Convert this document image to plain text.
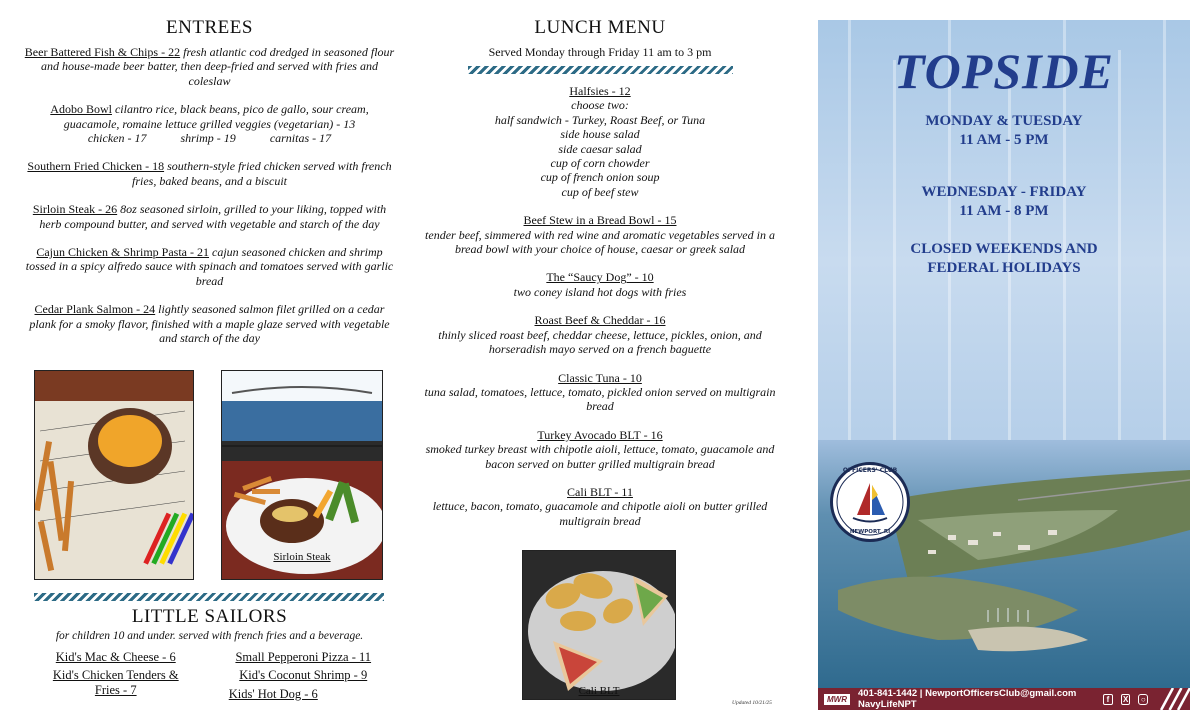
ENTREES
Beer Battered Fish & Chips - 22 fresh atlantic cod dredged in seasoned flour and house-made beer batter, then deep-fried and served with fries and coleslaw
Adobo Bowl cilantro rice, black beans, pico de gallo, sour cream, guacamole, romaine lettuce grilled veggies (vegetarian) - 13
chicken - 17	shrimp - 19	carnitas - 17
Southern Fried Chicken - 18 southern-style fried chicken served with french fries, baked beans, and a biscuit
Sirloin Steak - 26 8oz seasoned sirloin, grilled to your liking, topped with herb compound butter, and served with vegetable and starch of the day
Cajun Chicken & Shrimp Pasta - 21 cajun seasoned chicken and shrimp tossed in a spicy alfredo sauce with spinach and tomatoes served with garlic bread
Cedar Plank Salmon - 24 lightly seasoned salmon filet grilled on a cedar plank for a smoky flavor, finished with a maple glaze served with vegetable and starch of the day
Sirloin Steak
LITTLE SAILORS
for children 10 and under. served with french fries and a beverage.
Kid's Mac & Cheese - 6	Small Pepperoni Pizza - 11
Kid's Chicken Tenders & Fries - 7
Kid's Coconut Shrimp - 9
Kids' Hot Dog - 6
LUNCH MENU
Served Monday through Friday 11 am to 3 pm
Halfsies - 12
choose two:
half sandwich - Turkey, Roast Beef, or Tuna
side house salad
side caesar salad
cup of corn chowder
cup of french onion soup
cup of beef stew
Beef Stew in a Bread Bowl - 15
tender beef, simmered with red wine and aromatic vegetables served in a bread bowl with your choice of house, caesar or greek salad
The “Saucy Dog” - 10
two coney island hot dogs with fries
Roast Beef & Cheddar - 16
thinly sliced roast beef, cheddar cheese, lettuce, pickles, onion, and horseradish mayo served on a french baguette
Classic Tuna - 10
tuna salad, tomatoes, lettuce, tomato, pickled onion served on multigrain bread
Turkey Avocado BLT - 16
smoked turkey breast with chipotle aioli, lettuce, tomato, guacamole and bacon served on butter grilled multigrain bread
Cali BLT - 11
lettuce, bacon, tomato, guacamole and chipotle aioli on butter grilled multigrain bread
Cali BLT
Updated 10/21/25
TOPSIDE
MONDAY & TUESDAY
11 AM - 5 PM
WEDNESDAY - FRIDAY
11 AM - 8 PM
CLOSED WEEKENDS AND FEDERAL HOLIDAYS
OFFICERS' CLUB
NEWPORT, RI
MWR	401-841-1442 | NewportOfficersClub@gmail.com NavyLifeNPT	f	X ○
